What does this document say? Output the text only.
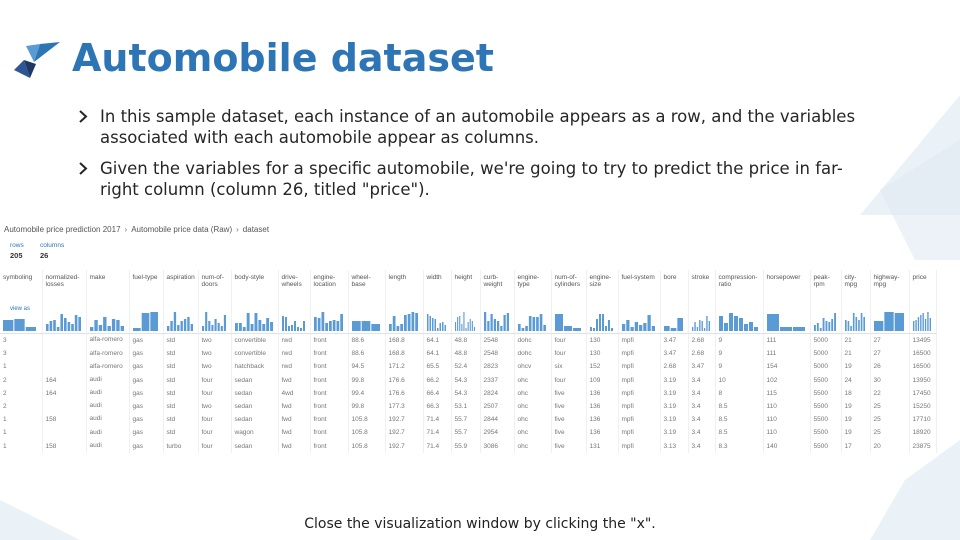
Automobile dataset
In this sample dataset, each instance of an automobile appears as a row, and the variables associated with each automobile appear as columns.
Given the variables for a specific automobile, we're going to try to predict the price in far-right column (column 26, titled "price").
Automobile price prediction 2017 › Automobile price data (Raw) › dataset
rows
205
columns
26
view as
symboling	normalized-losses	make	fuel-type	aspiration	num-of-doors	body-style	drive-wheels	engine-location	wheel-base	length	width	height	curb-weight	engine-type	num-of-cylinders	engine-size	fuel-system	bore	stroke	compression-ratio	horsepower	peak-rpm	city-mpg	highway-mpg	price

3		alfa-romero	gas	std	two	convertible	rwd	front	88.6	168.8	64.1	48.8	2548	dohc	four	130	mpfi	3.47	2.68	9	111	5000	21	27	13495
3		alfa-romero	gas	std	two	convertible	rwd	front	88.6	168.8	64.1	48.8	2548	dohc	four	130	mpfi	3.47	2.68	9	111	5000	21	27	16500
1		alfa-romero	gas	std	two	hatchback	rwd	front	94.5	171.2	65.5	52.4	2823	ohcv	six	152	mpfi	2.68	3.47	9	154	5000	19	26	16500
2	164	audi	gas	std	four	sedan	fwd	front	99.8	176.6	66.2	54.3	2337	ohc	four	109	mpfi	3.19	3.4	10	102	5500	24	30	13950
2	164	audi	gas	std	four	sedan	4wd	front	99.4	176.6	66.4	54.3	2824	ohc	five	136	mpfi	3.19	3.4	8	115	5500	18	22	17450
2		audi	gas	std	two	sedan	fwd	front	99.8	177.3	66.3	53.1	2507	ohc	five	136	mpfi	3.19	3.4	8.5	110	5500	19	25	15250
1	158	audi	gas	std	four	sedan	fwd	front	105.8	192.7	71.4	55.7	2844	ohc	five	136	mpfi	3.19	3.4	8.5	110	5500	19	25	17710
1		audi	gas	std	four	wagon	fwd	front	105.8	192.7	71.4	55.7	2954	ohc	five	136	mpfi	3.19	3.4	8.5	110	5500	19	25	18920
1	158	audi	gas	turbo	four	sedan	fwd	front	105.8	192.7	71.4	55.9	3086	ohc	five	131	mpfi	3.13	3.4	8.3	140	5500	17	20	23875
Close the visualization window by clicking the "x".
